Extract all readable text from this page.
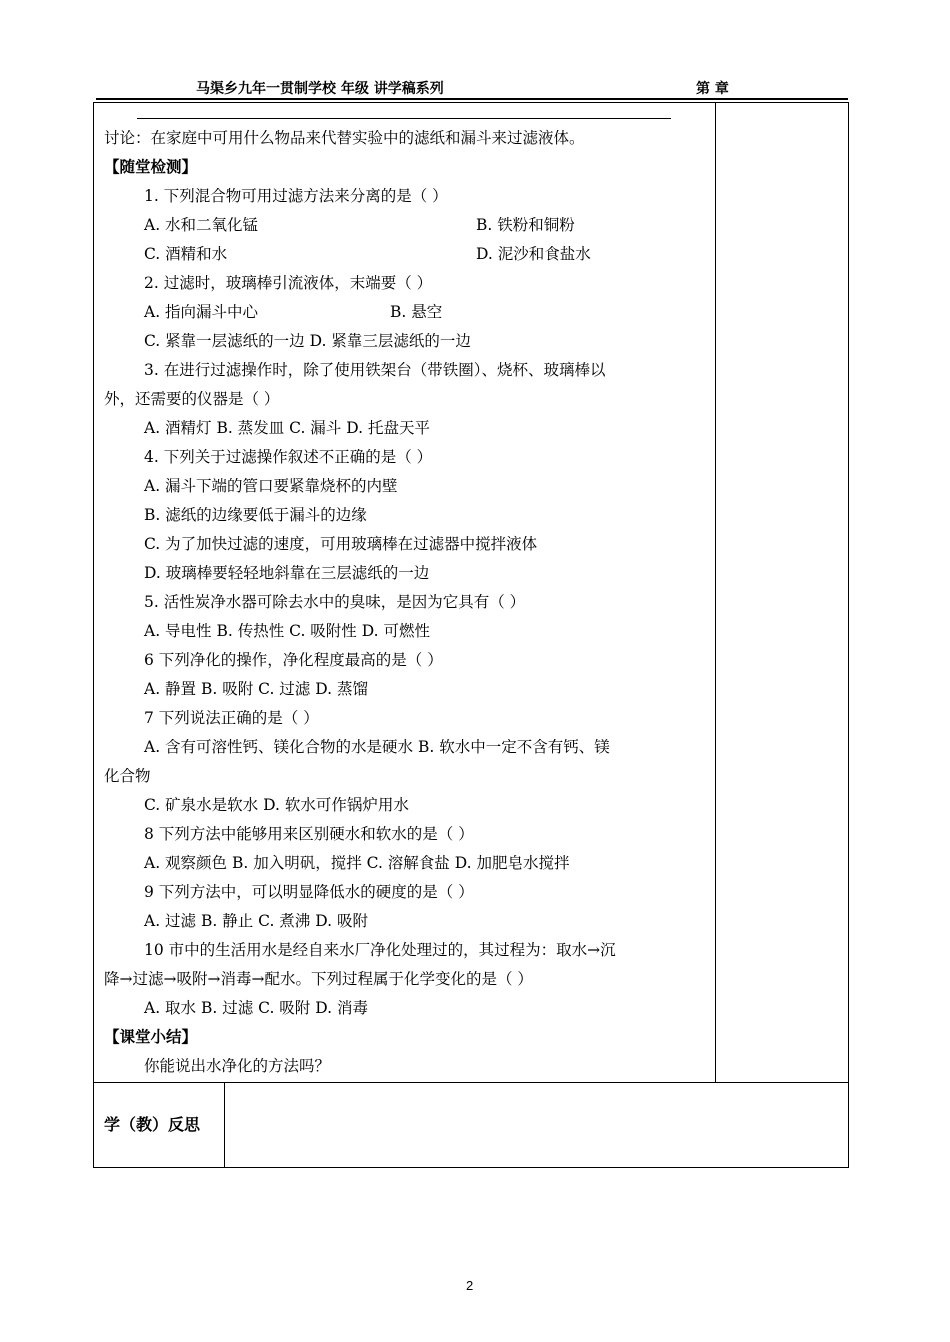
马渠乡九年一贯制学校 年级 讲学稿系列	第 章
讨论：在家庭中可用什么物品来代替实验中的滤纸和漏斗来过滤液体。
【随堂检测】
1. 下列混合物可用过滤方法来分离的是（ ）
A. 水和二氧化锰	B. 铁粉和铜粉
C. 酒精和水	D. 泥沙和食盐水
2. 过滤时，玻璃棒引流液体，末端要（ ）
A. 指向漏斗中心	B. 悬空
C. 紧靠一层滤纸的一边 D. 紧靠三层滤纸的一边
3. 在进行过滤操作时，除了使用铁架台（带铁圈）、烧杯、玻璃棒以
外，还需要的仪器是（ ）
A. 酒精灯 B. 蒸发皿 C. 漏斗 D. 托盘天平
4. 下列关于过滤操作叙述不正确的是（ ）
A. 漏斗下端的管口要紧靠烧杯的内壁
B. 滤纸的边缘要低于漏斗的边缘
C. 为了加快过滤的速度，可用玻璃棒在过滤器中搅拌液体
D. 玻璃棒要轻轻地斜靠在三层滤纸的一边
5. 活性炭净水器可除去水中的臭味，是因为它具有（ ）
A. 导电性 B. 传热性 C. 吸附性 D. 可燃性
6 下列净化的操作，净化程度最高的是（ ）
A. 静置 B. 吸附 C. 过滤 D. 蒸馏
7 下列说法正确的是（ ）
A. 含有可溶性钙、镁化合物的水是硬水 B. 软水中一定不含有钙、镁
化合物
C. 矿泉水是软水 D. 软水可作锅炉用水
8 下列方法中能够用来区别硬水和软水的是（ ）
A. 观察颜色 B. 加入明矾，搅拌 C. 溶解食盐 D. 加肥皂水搅拌
9 下列方法中，可以明显降低水的硬度的是（ ）
A. 过滤 B. 静止 C. 煮沸 D. 吸附
10 市中的生活用水是经自来水厂净化处理过的，其过程为：取水→沉
降→过滤→吸附→消毒→配水。下列过程属于化学变化的是（ ）
A. 取水 B. 过滤 C. 吸附 D. 消毒
【课堂小结】
你能说出水净化的方法吗？
学（教）反思
2
